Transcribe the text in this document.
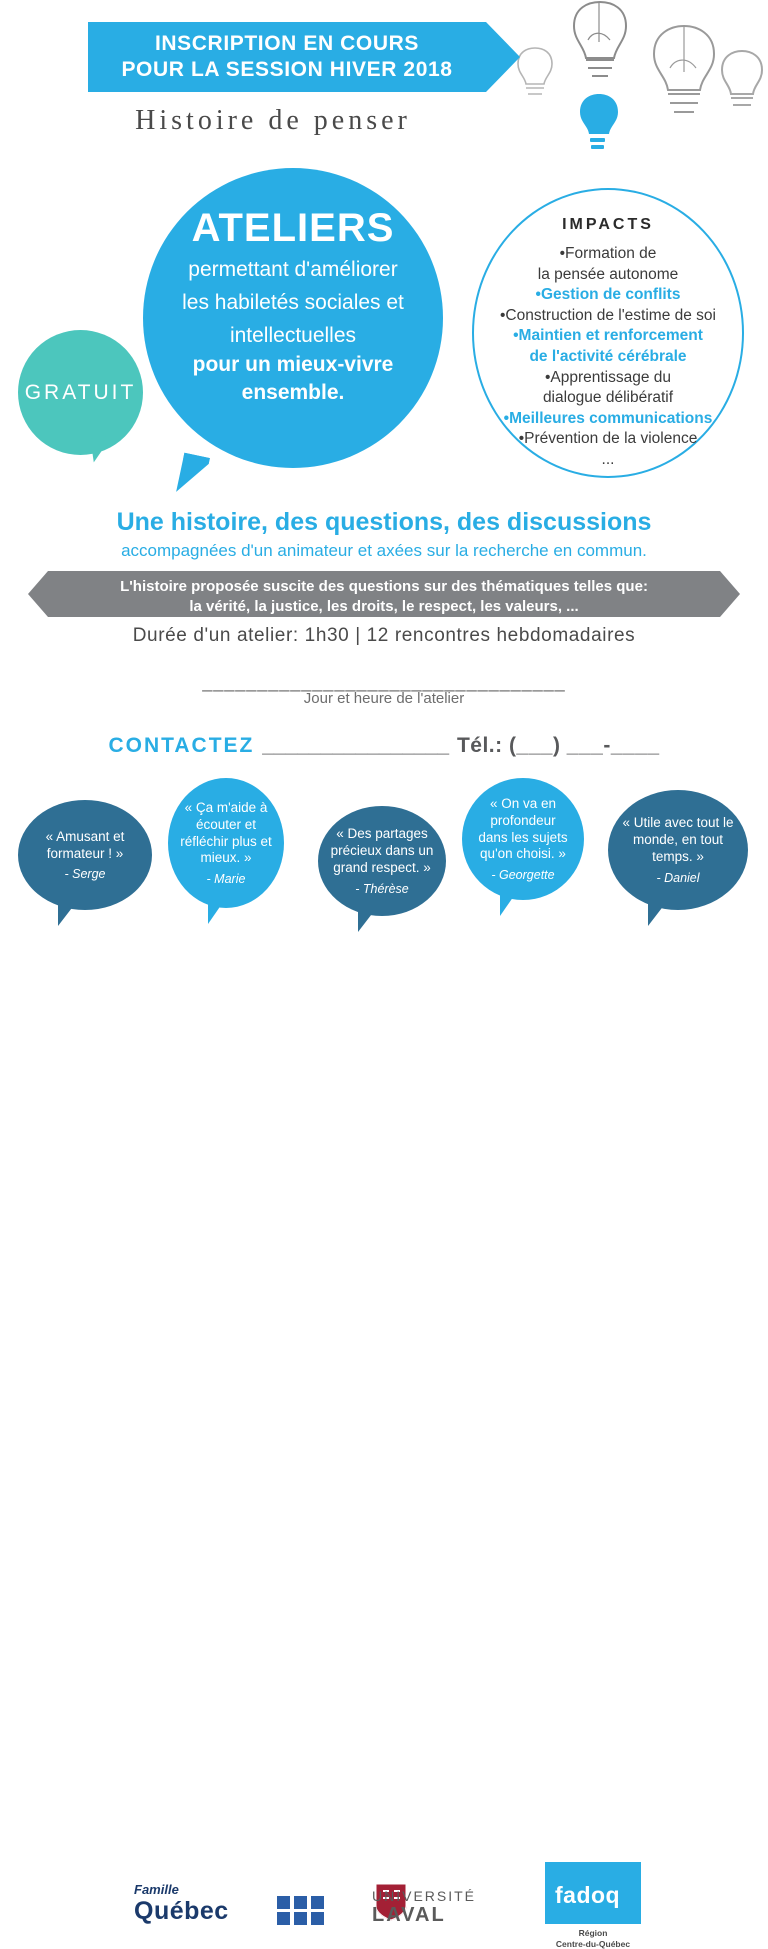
INSCRIPTION EN COURS
POUR LA SESSION HIVER 2018
Histoire de penser
ATELIERS
permettant d'améliorer
les habiletés sociales et
intellectuelles
pour un mieux-vivre
ensemble.
GRATUIT
IMPACTS
•Formation de
la pensée autonome
•Gestion de conflits
•Construction de l'estime de soi
•Maintien et renforcement
de l'activité cérébrale
•Apprentissage du
dialogue délibératif
•Meilleures communications
•Prévention de la violence
...
Une histoire, des questions, des discussions
accompagnées d'un animateur et axées sur la recherche en commun.
L'histoire proposée suscite des questions sur des thématiques telles que:
la vérité, la justice, les droits, le respect, les valeurs, ...
Durée d'un atelier: 1h30 | 12 rencontres hebdomadaires
_________________________________
Jour et heure de l'atelier
CONTACTEZ ________________ Tél.: (___) ___-____
« Amusant et formateur ! »
- Serge
« Ça m'aide à écouter et réfléchir plus et mieux. »
- Marie
« Des partages précieux dans un grand respect. »
- Thérèse
« On va en profondeur dans les sujets qu'on choisi. »
- Georgette
« Utile avec tout le monde, en tout temps. »
- Daniel
Famille
Québec
UNIVERSITÉ
LAVAL
fadoq
Région
Centre-du-Québec
